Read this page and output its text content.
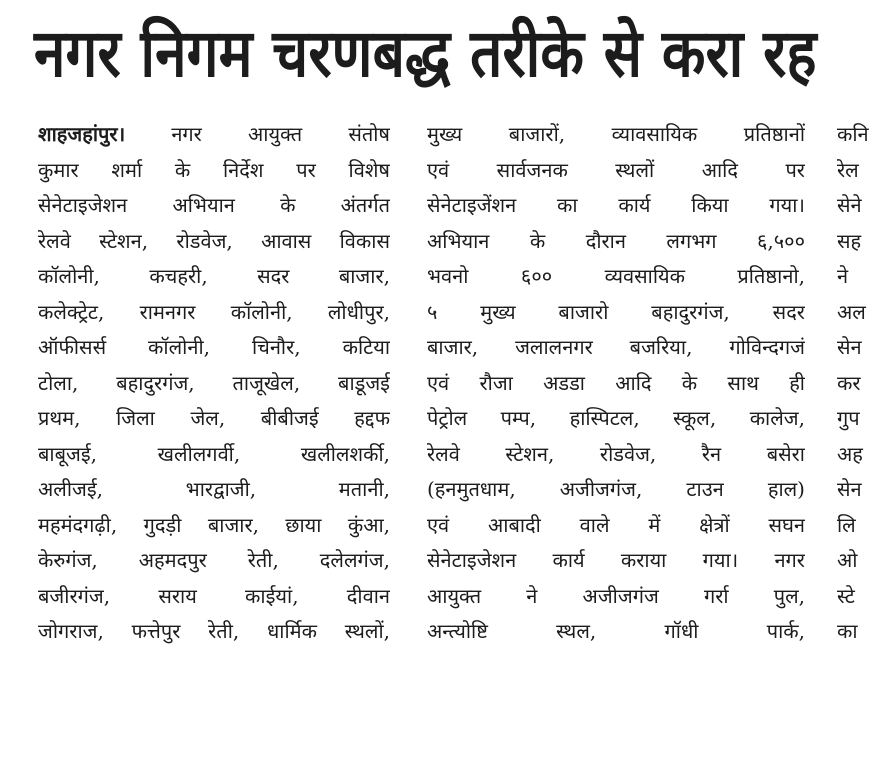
नगर निगम चरणबद्ध तरीके से करा रह
शाहजहांपुर। नगर आयुक्त संतोष
कुमार शर्मा के निर्देश पर विशेष
सेनेटाइजेशन अभियान के अंतर्गत
रेलवे स्टेशन, रोडवेज, आवास विकास
कॉलोनी, कचहरी, सदर बाजार,
कलेक्ट्रेट, रामनगर कॉलोनी, लोधीपुर,
ऑफीसर्स कॉलोनी, चिनौर, कटिया
टोला, बहादुरगंज, ताजूखेल, बाडूजई
प्रथम, जिला जेल, बीबीजई हद्दफ
बाबूजई, खलीलगर्वी, खलीलशर्की,
अलीजई, भारद्वाजी, मतानी,
महमंदगढ़ी, गुदड़ी बाजार, छाया कुंआ,
केरुगंज, अहमदपुर रेती, दलेलगंज,
बजीरगंज, सराय काईयां, दीवान
जोगराज, फत्तेपुर रेती, धार्मिक स्थलों,
मुख्य बाजारों, व्यावसायिक प्रतिष्ठानों
एवं सार्वजनक स्थलों आदि पर
सेनेटाइजेंशन का कार्य किया गया।
अभियान के दौरान लगभग ६,५००
भवनो ६०० व्यवसायिक प्रतिष्ठानो,
५ मुख्य बाजारो बहादुरगंज, सदर
बाजार, जलालनगर बजरिया, गोविन्दगजं
एवं रौजा अडडा आदि के साथ ही
पेट्रोल पम्प, हास्पिटल, स्कूल, कालेज,
रेलवे स्टेशन, रोडवेज, रैन बसेरा
(हनमुतधाम, अजीजगंज, टाउन हाल)
एवं आबादी वाले में क्षेत्रों सघन
सेनेटाइजेशन कार्य कराया गया। नगर
आयुक्त ने अजीजगंज गर्रा पुल,
अन्त्योष्टि स्थल, गॉधी पार्क,
कनि
रेल
सेने
सह
ने
अल
सेन
कर
गुप
अह
सेन
लि
ओ
स्टे
का
